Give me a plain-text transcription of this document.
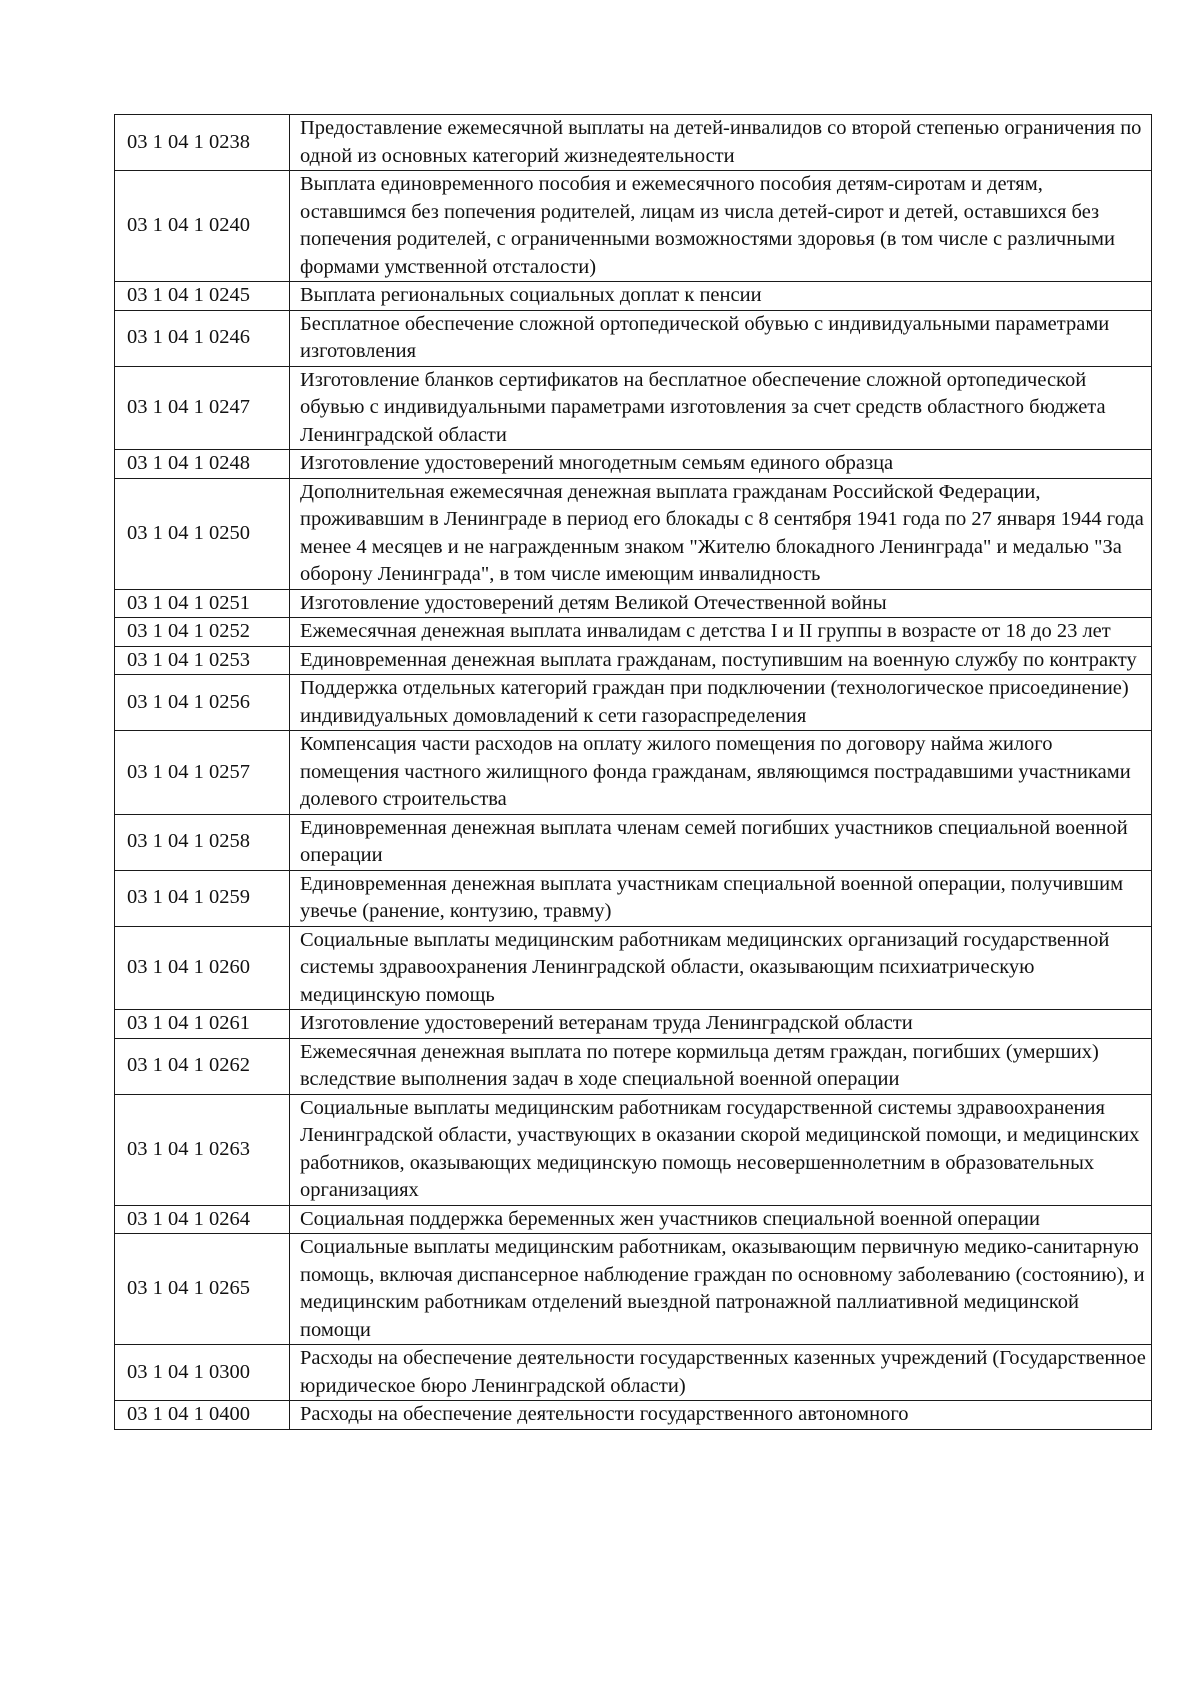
03 1 04 1 0238	Предоставление ежемесячной выплаты на детей-инвалидов со второй степенью ограничения по одной из основных категорий жизнедеятельности
03 1 04 1 0240	Выплата единовременного пособия и ежемесячного пособия детям-сиротам и детям, оставшимся без попечения родителей, лицам из числа детей-сирот и детей, оставшихся без попечения родителей, с ограниченными возможностями здоровья (в том числе с различными формами умственной отсталости)
03 1 04 1 0245	Выплата региональных социальных доплат к пенсии
03 1 04 1 0246	Бесплатное обеспечение сложной ортопедической обувью с индивидуальными параметрами изготовления
03 1 04 1 0247	Изготовление бланков сертификатов на бесплатное обеспечение сложной ортопедической обувью с индивидуальными параметрами изготовления за счет средств областного бюджета Ленинградской области
03 1 04 1 0248	Изготовление удостоверений многодетным семьям единого образца
03 1 04 1 0250	Дополнительная ежемесячная денежная выплата гражданам Российской Федерации, проживавшим в Ленинграде в период его блокады с 8 сентября 1941 года по 27 января 1944 года менее 4 месяцев и не награжденным знаком "Жителю блокадного Ленинграда" и медалью "За оборону Ленинграда", в том числе имеющим инвалидность
03 1 04 1 0251	Изготовление удостоверений детям Великой Отечественной войны
03 1 04 1 0252	Ежемесячная денежная выплата инвалидам с детства I и II группы в возрасте от 18 до 23 лет
03 1 04 1 0253	Единовременная денежная выплата гражданам, поступившим на военную службу по контракту
03 1 04 1 0256	Поддержка отдельных категорий граждан при подключении (технологическое присоединение) индивидуальных домовладений к сети газораспределения
03 1 04 1 0257	Компенсация части расходов на оплату жилого помещения по договору найма жилого помещения частного жилищного фонда гражданам, являющимся пострадавшими участниками долевого строительства
03 1 04 1 0258	Единовременная денежная выплата членам семей погибших участников специальной военной операции
03 1 04 1 0259	Единовременная денежная выплата участникам специальной военной операции, получившим увечье (ранение, контузию, травму)
03 1 04 1 0260	Социальные выплаты медицинским работникам медицинских организаций государственной системы здравоохранения Ленинградской области, оказывающим психиатрическую медицинскую помощь
03 1 04 1 0261	Изготовление удостоверений ветеранам труда Ленинградской области
03 1 04 1 0262	Ежемесячная денежная выплата по потере кормильца детям граждан, погибших (умерших) вследствие выполнения задач в ходе специальной военной операции
03 1 04 1 0263	Социальные выплаты медицинским работникам государственной системы здравоохранения Ленинградской области, участвующих в оказании скорой медицинской помощи, и медицинских работников, оказывающих медицинскую помощь несовершеннолетним в образовательных организациях
03 1 04 1 0264	Социальная поддержка беременных жен участников специальной военной операции
03 1 04 1 0265	Социальные выплаты медицинским работникам, оказывающим первичную медико-санитарную помощь, включая диспансерное наблюдение граждан по основному заболеванию (состоянию), и медицинским работникам отделений выездной патронажной паллиативной медицинской помощи
03 1 04 1 0300	Расходы на обеспечение деятельности государственных казенных учреждений (Государственное юридическое бюро Ленинградской области)
03 1 04 1 0400	Расходы на обеспечение деятельности государственного автономного
